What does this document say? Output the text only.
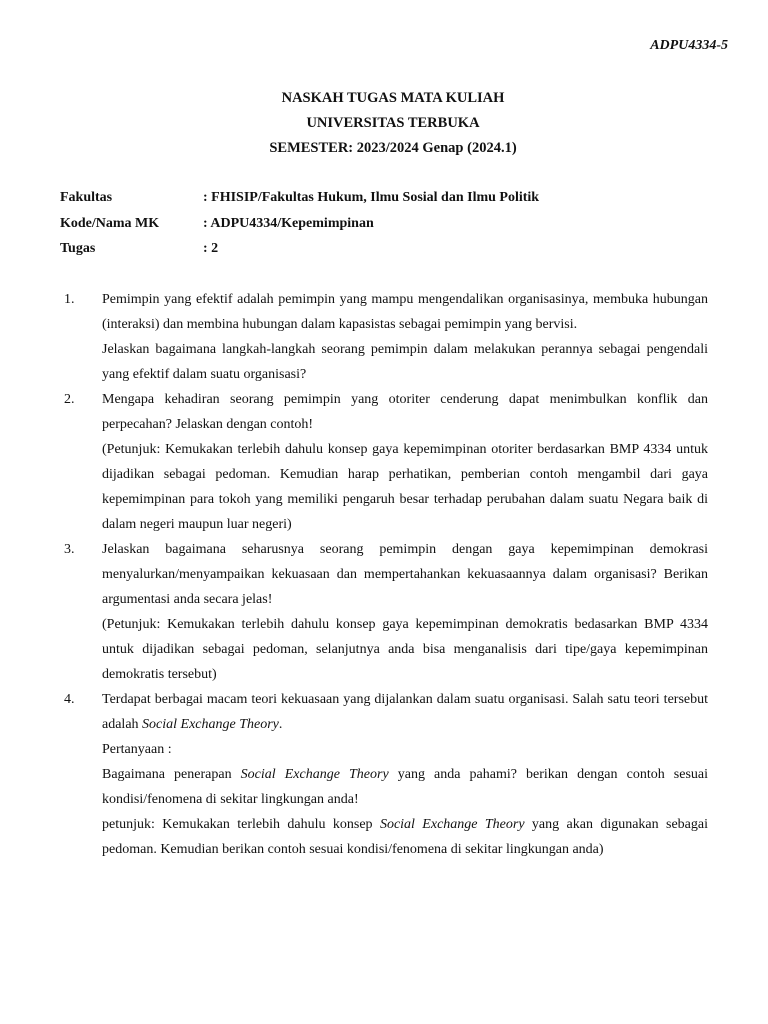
ADPU4334-5
NASKAH TUGAS MATA KULIAH
UNIVERSITAS TERBUKA
SEMESTER: 2023/2024 Genap (2024.1)
Fakultas	: FHISIP/Fakultas Hukum, Ilmu Sosial dan Ilmu Politik
Kode/Nama MK	: ADPU4334/Kepemimpinan
Tugas	: 2
1. Pemimpin yang efektif adalah pemimpin yang mampu mengendalikan organisasinya, membuka hubungan (interaksi) dan membina hubungan dalam kapasistas sebagai pemimpin yang bervisi.

Jelaskan bagaimana langkah-langkah seorang pemimpin dalam melakukan perannya sebagai pengendali yang efektif dalam suatu organisasi?

2. Mengapa kehadiran seorang pemimpin yang otoriter cenderung dapat menimbulkan konflik dan perpecahan? Jelaskan dengan contoh!

(Petunjuk: Kemukakan terlebih dahulu konsep gaya kepemimpinan otoriter berdasarkan BMP 4334 untuk dijadikan sebagai pedoman. Kemudian harap perhatikan, pemberian contoh mengambil dari gaya kepemimpinan para tokoh yang memiliki pengaruh besar terhadap perubahan dalam suatu Negara baik di dalam negeri maupun luar negeri)

3. Jelaskan bagaimana seharusnya seorang pemimpin dengan gaya kepemimpinan demokrasi menyalurkan/menyampaikan kekuasaan dan mempertahankan kekuasaannya dalam organisasi? Berikan argumentasi anda secara jelas!

(Petunjuk: Kemukakan terlebih dahulu konsep gaya kepemimpinan demokratis bedasarkan BMP 4334 untuk dijadikan sebagai pedoman, selanjutnya anda bisa menganalisis dari tipe/gaya kepemimpinan demokratis tersebut)

4. Terdapat berbagai macam teori kekuasaan yang dijalankan dalam suatu organisasi. Salah satu teori tersebut adalah Social Exchange Theory.

Pertanyaan :

Bagaimana penerapan Social Exchange Theory yang anda pahami? berikan dengan contoh sesuai kondisi/fenomena di sekitar lingkungan anda!

petunjuk: Kemukakan terlebih dahulu konsep Social Exchange Theory yang akan digunakan sebagai pedoman. Kemudian berikan contoh sesuai kondisi/fenomena di sekitar lingkungan anda)
